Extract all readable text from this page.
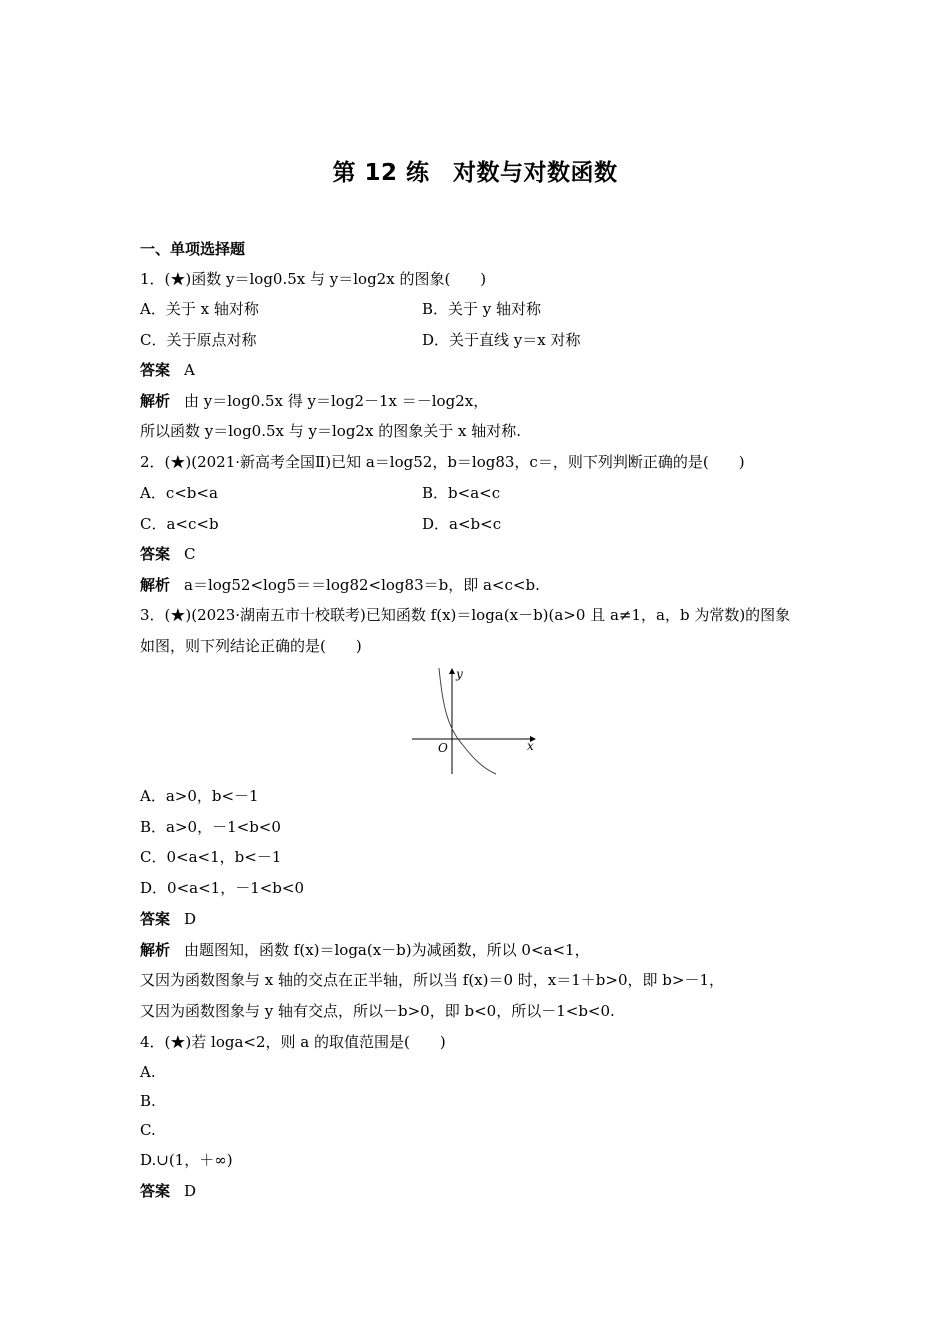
第 12 练　对数与对数函数
一、单项选择题
1．(★)函数 y＝log0.5x 与 y＝log2x 的图象(　　)
A．关于 x 轴对称	B．关于 y 轴对称
C．关于原点对称	D．关于直线 y＝x 对称
答案 A
解析 由 y＝log0.5x 得 y＝log2－1x ＝－log2x，
所以函数 y＝log0.5x 与 y＝log2x 的图象关于 x 轴对称.
2．(★)(2021·新高考全国Ⅱ)已知 a＝log52，b＝log83，c＝，则下列判断正确的是(　　)
A．c<b<a	B．b<a<c
C．a<c<b	D．a<b<c
答案 C
解析 a＝log52<log5＝＝log82<log83＝b，即 a<c<b.
3．(★)(2023·湖南五市十校联考)已知函数 f(x)＝loga(x－b)(a>0 且 a≠1，a，b 为常数)的图象
如图，则下列结论正确的是(　　)
y
x
O
A．a>0，b<－1
B．a>0，－1<b<0
C．0<a<1，b<－1
D．0<a<1，－1<b<0
答案 D
解析 由题图知，函数 f(x)＝loga(x－b)为减函数，所以 0<a<1，
又因为函数图象与 x 轴的交点在正半轴，所以当 f(x)＝0 时，x＝1＋b>0，即 b>－1，
又因为函数图象与 y 轴有交点，所以－b>0，即 b<0，所以－1<b<0.
4．(★)若 loga<2，则 a 的取值范围是(　　)
A.
B.
C.
D.∪(1，＋∞)
答案 D
